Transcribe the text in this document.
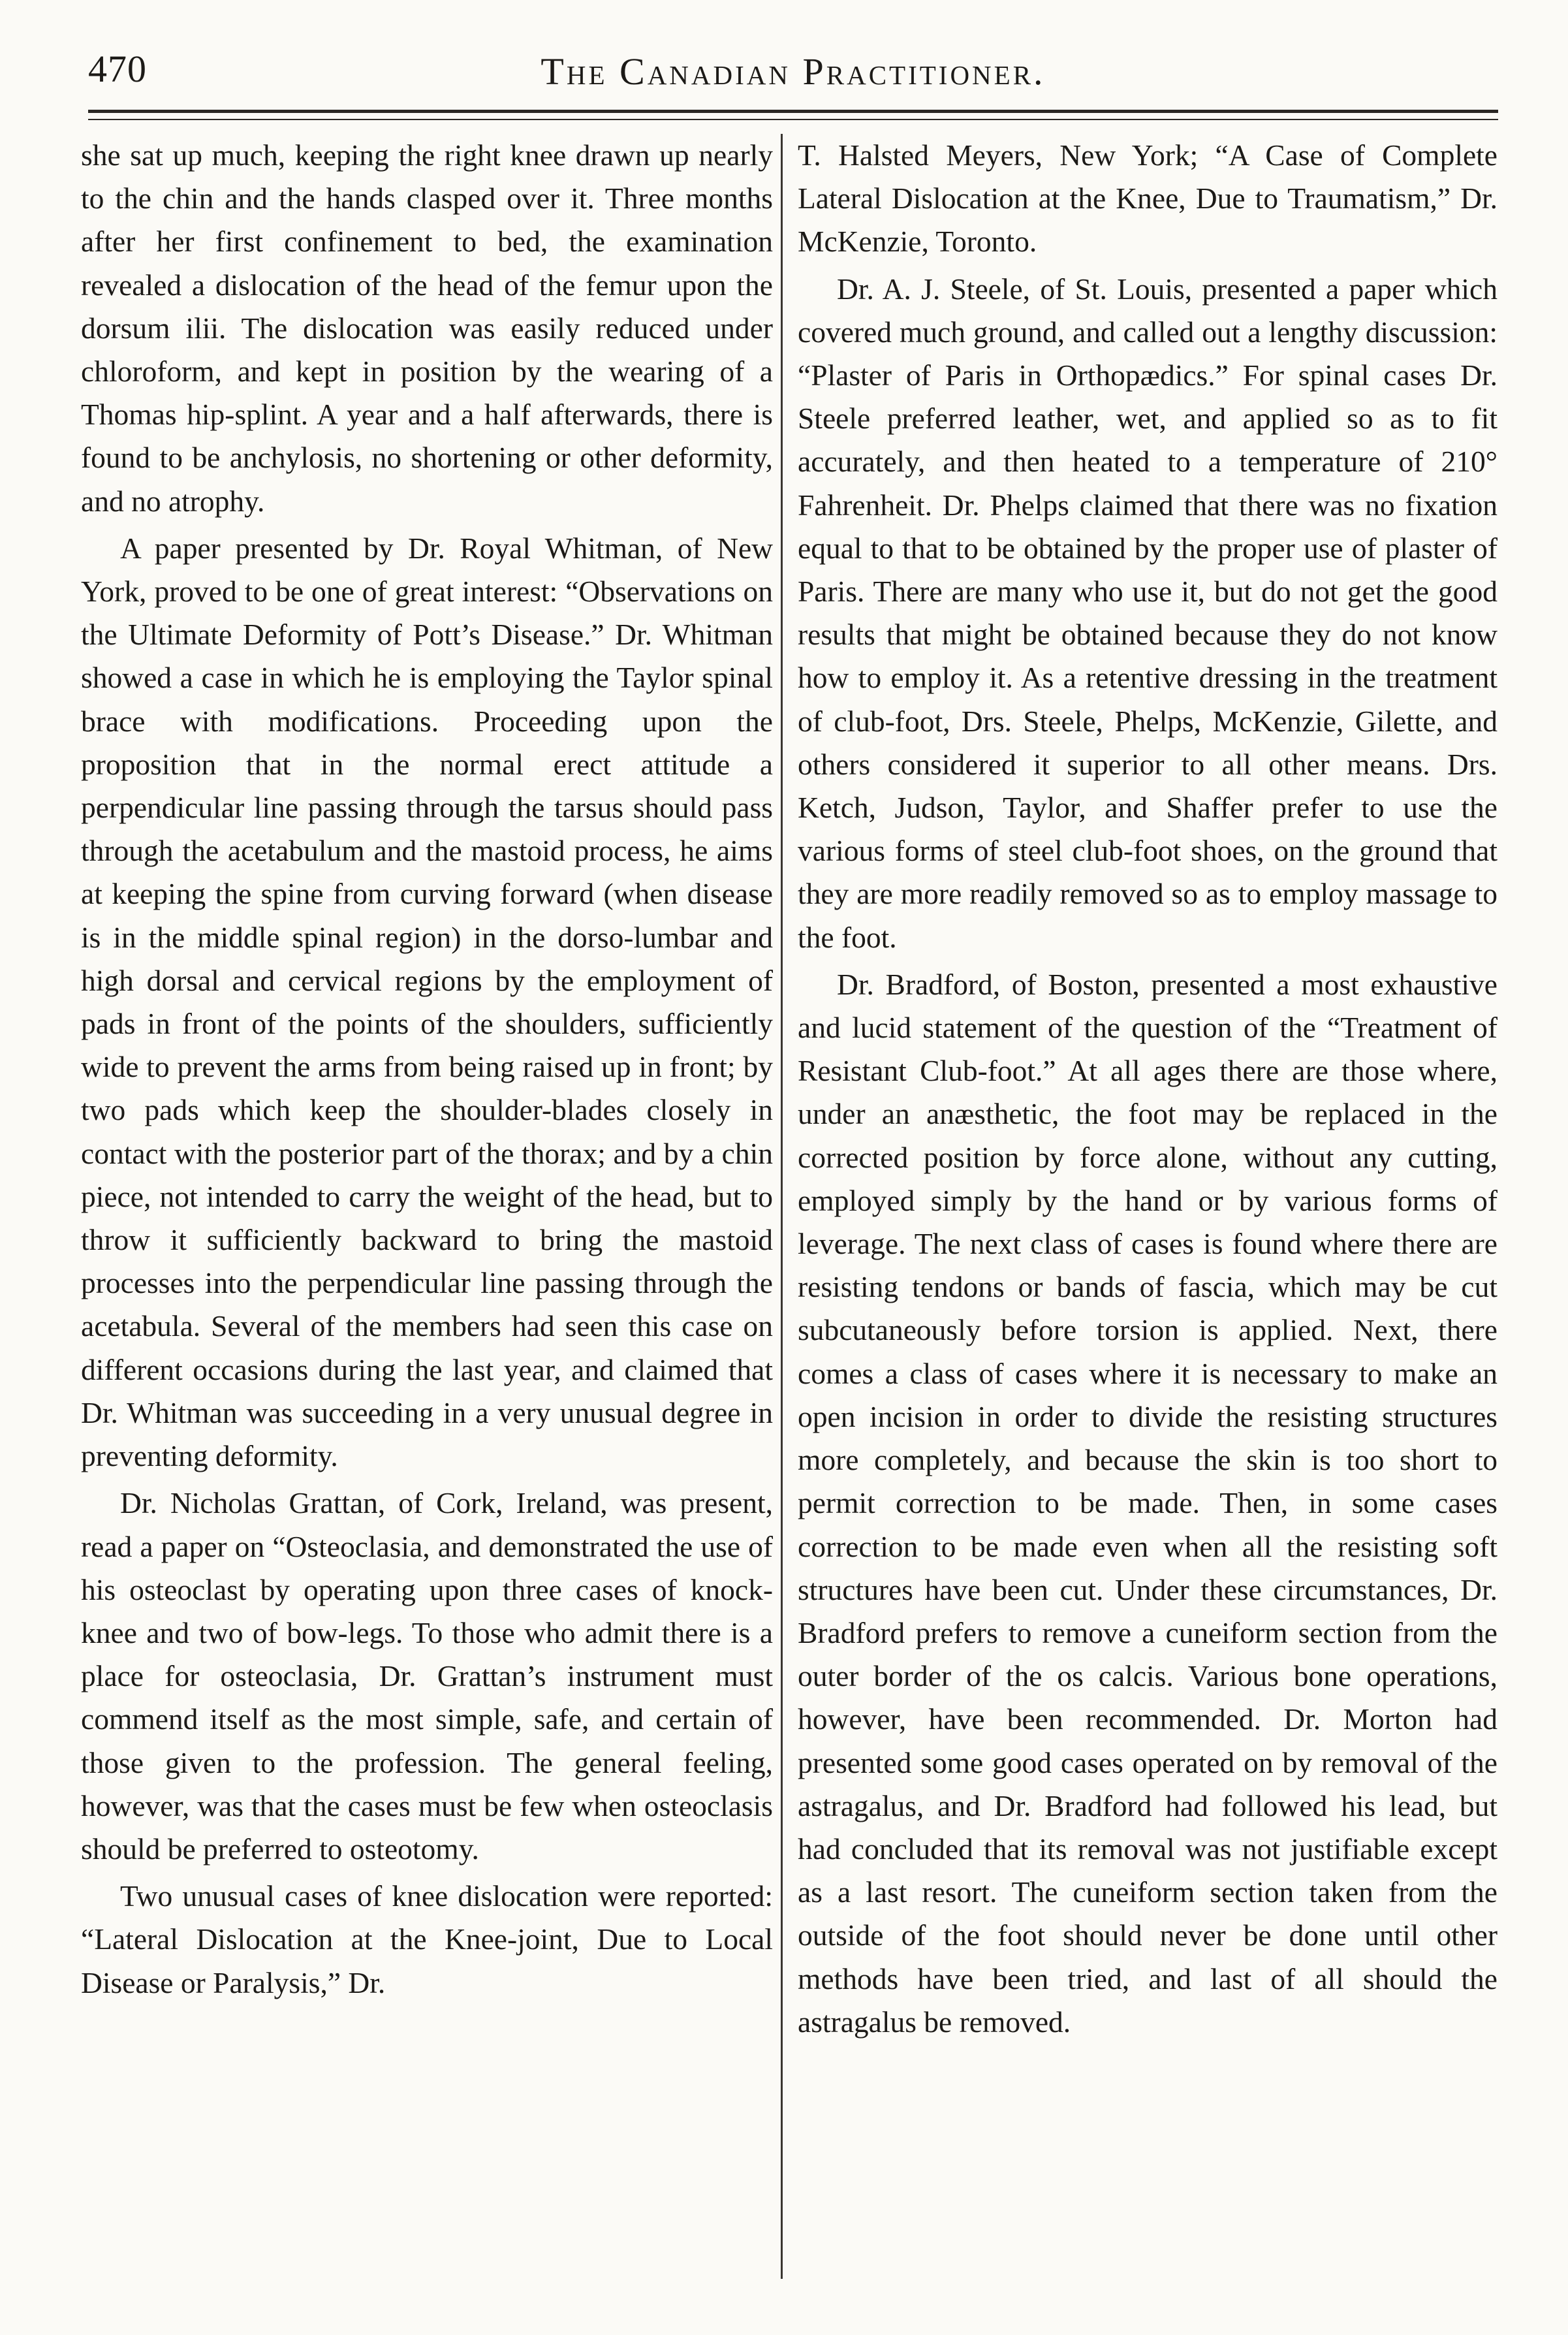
470	The Canadian Practitioner.

she sat up much, keeping the right knee drawn up nearly to the chin and the hands clasped over it. Three months after her first confinement to bed, the examination revealed a dislocation of the head of the femur upon the dorsum ilii. The dislocation was easily reduced under chloroform, and kept in position by the wearing of a Thomas hip-splint. A year and a half afterwards, there is found to be anchylosis, no shortening or other deformity, and no atrophy.

A paper presented by Dr. Royal Whitman, of New York, proved to be one of great interest: “Observations on the Ultimate Deformity of Pott’s Disease.” Dr. Whitman showed a case in which he is employing the Taylor spinal brace with modifications. Proceeding upon the proposition that in the normal erect attitude a perpendicular line passing through the tarsus should pass through the acetabulum and the mastoid process, he aims at keeping the spine from curving forward (when disease is in the middle spinal region) in the dorso-lumbar and high dorsal and cervical regions by the employment of pads in front of the points of the shoulders, sufficiently wide to prevent the arms from being raised up in front; by two pads which keep the shoulder-blades closely in contact with the posterior part of the thorax; and by a chin piece, not intended to carry the weight of the head, but to throw it sufficiently backward to bring the mastoid processes into the perpendicular line passing through the acetabula. Several of the members had seen this case on different occasions during the last year, and claimed that Dr. Whitman was succeeding in a very unusual degree in preventing deformity.

Dr. Nicholas Grattan, of Cork, Ireland, was present, read a paper on “Osteoclasia, and demonstrated the use of his osteoclast by operating upon three cases of knock-knee and two of bow-legs. To those who admit there is a place for osteoclasia, Dr. Grattan’s instrument must commend itself as the most simple, safe, and certain of those given to the profession. The general feeling, however, was that the cases must be few when osteoclasis should be preferred to osteotomy.

Two unusual cases of knee dislocation were reported: “Lateral Dislocation at the Knee-joint, Due to Local Disease or Paralysis,” Dr.

T. Halsted Meyers, New York; “A Case of Complete Lateral Dislocation at the Knee, Due to Traumatism,” Dr. McKenzie, Toronto.

Dr. A. J. Steele, of St. Louis, presented a paper which covered much ground, and called out a lengthy discussion: “Plaster of Paris in Orthopædics.” For spinal cases Dr. Steele preferred leather, wet, and applied so as to fit accurately, and then heated to a temperature of 210° Fahrenheit. Dr. Phelps claimed that there was no fixation equal to that to be obtained by the proper use of plaster of Paris. There are many who use it, but do not get the good results that might be obtained because they do not know how to employ it. As a retentive dressing in the treatment of club-foot, Drs. Steele, Phelps, McKenzie, Gilette, and others considered it superior to all other means. Drs. Ketch, Judson, Taylor, and Shaffer prefer to use the various forms of steel club-foot shoes, on the ground that they are more readily removed so as to employ massage to the foot.

Dr. Bradford, of Boston, presented a most exhaustive and lucid statement of the question of the “Treatment of Resistant Club-foot.” At all ages there are those where, under an anæsthetic, the foot may be replaced in the corrected position by force alone, without any cutting, employed simply by the hand or by various forms of leverage. The next class of cases is found where there are resisting tendons or bands of fascia, which may be cut subcutaneously before torsion is applied. Next, there comes a class of cases where it is necessary to make an open incision in order to divide the resisting structures more completely, and because the skin is too short to permit correction to be made. Then, in some cases correction to be made even when all the resisting soft structures have been cut. Under these circumstances, Dr. Bradford prefers to remove a cuneiform section from the outer border of the os calcis. Various bone operations, however, have been recommended. Dr. Morton had presented some good cases operated on by removal of the astragalus, and Dr. Bradford had followed his lead, but had concluded that its removal was not justifiable except as a last resort. The cuneiform section taken from the outside of the foot should never be done until other methods have been tried, and last of all should the astragalus be removed.
